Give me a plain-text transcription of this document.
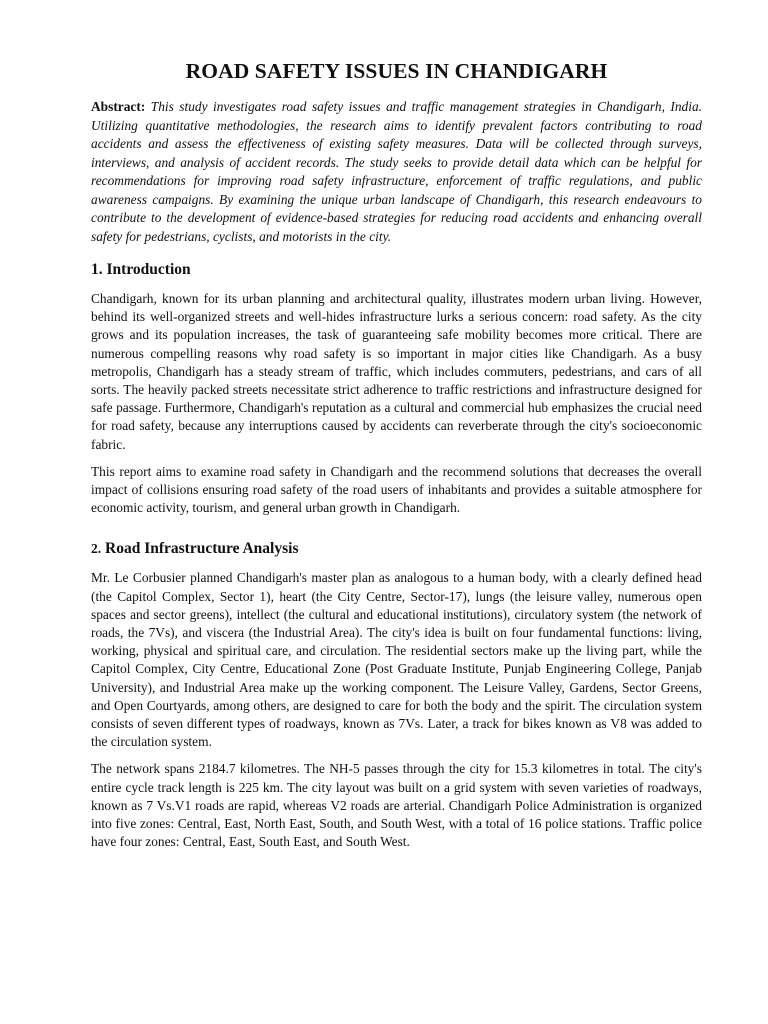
ROAD SAFETY ISSUES IN CHANDIGARH

Abstract: This study investigates road safety issues and traffic management strategies in Chandigarh, India. Utilizing quantitative methodologies, the research aims to identify prevalent factors contributing to road accidents and assess the effectiveness of existing safety measures. Data will be collected through surveys, interviews, and analysis of accident records. The study seeks to provide detail data which can be helpful for recommendations for improving road safety infrastructure, enforcement of traffic regulations, and public awareness campaigns. By examining the unique urban landscape of Chandigarh, this research endeavours to contribute to the development of evidence-based strategies for reducing road accidents and enhancing overall safety for pedestrians, cyclists, and motorists in the city.

1. Introduction

Chandigarh, known for its urban planning and architectural quality, illustrates modern urban living. However, behind its well-organized streets and well-hides infrastructure lurks a serious concern: road safety. As the city grows and its population increases, the task of guaranteeing safe mobility becomes more critical. There are numerous compelling reasons why road safety is so important in major cities like Chandigarh. As a busy metropolis, Chandigarh has a steady stream of traffic, which includes commuters, pedestrians, and cars of all sorts. The heavily packed streets necessitate strict adherence to traffic restrictions and infrastructure designed for safe passage. Furthermore, Chandigarh's reputation as a cultural and commercial hub emphasizes the crucial need for road safety, because any interruptions caused by accidents can reverberate through the city's socioeconomic fabric.

This report aims to examine road safety in Chandigarh and the recommend solutions that decreases the overall impact of collisions ensuring road safety of the road users of inhabitants and provides a suitable atmosphere for economic activity, tourism, and general urban growth in Chandigarh.

2. Road Infrastructure Analysis

Mr. Le Corbusier planned Chandigarh's master plan as analogous to a human body, with a clearly defined head (the Capitol Complex, Sector 1), heart (the City Centre, Sector-17), lungs (the leisure valley, numerous open spaces and sector greens), intellect (the cultural and educational institutions), circulatory system (the network of roads, the 7Vs), and viscera (the Industrial Area). The city's idea is built on four fundamental functions: living, working, physical and spiritual care, and circulation. The residential sectors make up the living part, while the Capitol Complex, City Centre, Educational Zone (Post Graduate Institute, Punjab Engineering College, Panjab University), and Industrial Area make up the working component. The Leisure Valley, Gardens, Sector Greens, and Open Courtyards, among others, are designed to care for both the body and the spirit. The circulation system consists of seven different types of roadways, known as 7Vs. Later, a track for bikes known as V8 was added to the circulation system.

The network spans 2184.7 kilometres. The NH-5 passes through the city for 15.3 kilometres in total. The city's entire cycle track length is 225 km. The city layout was built on a grid system with seven varieties of roadways, known as 7 Vs.V1 roads are rapid, whereas V2 roads are arterial. Chandigarh Police Administration is organized into five zones: Central, East, North East, South, and South West, with a total of 16 police stations. Traffic police have four zones: Central, East, South East, and South West.
